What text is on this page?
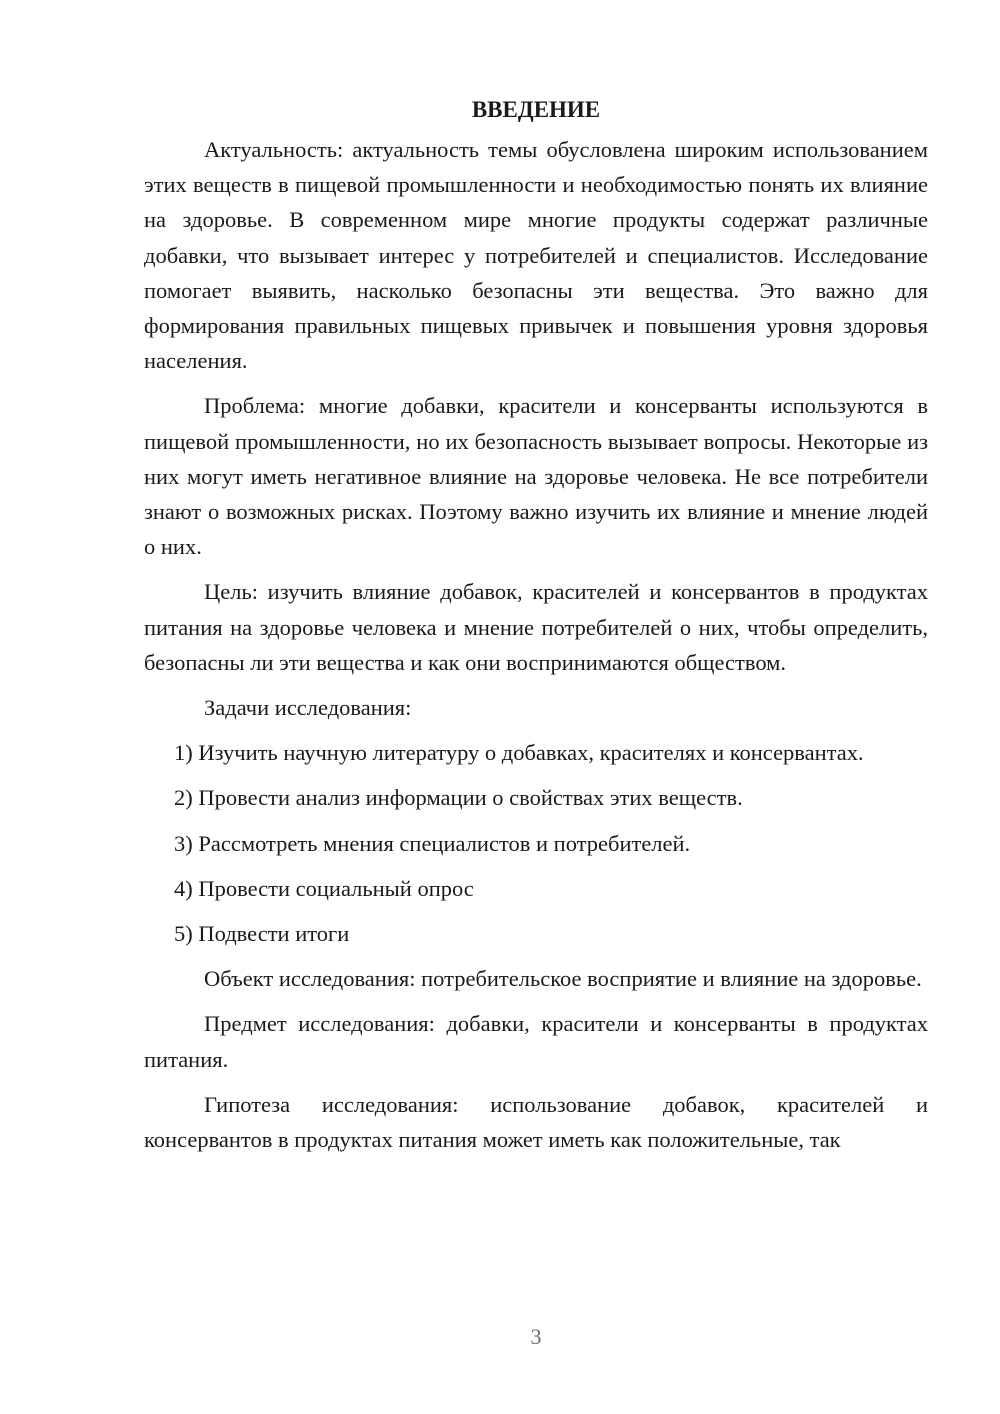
ВВЕДЕНИЕ

Актуальность: актуальность темы обусловлена широким использованием этих веществ в пищевой промышленности и необходимостью понять их влияние на здоровье. В современном мире многие продукты содержат различные добавки, что вызывает интерес у потребителей и специалистов. Исследование помогает выявить, насколько безопасны эти вещества. Это важно для формирования правильных пищевых привычек и повышения уровня здоровья населения.

Проблема: многие добавки, красители и консерванты используются в пищевой промышленности, но их безопасность вызывает вопросы. Некоторые из них могут иметь негативное влияние на здоровье человека. Не все потребители знают о возможных рисках. Поэтому важно изучить их влияние и мнение людей о них.

Цель: изучить влияние добавок, красителей и консервантов в продуктах питания на здоровье человека и мнение потребителей о них, чтобы определить, безопасны ли эти вещества и как они воспринимаются обществом.

Задачи исследования:

1) Изучить научную литературу о добавках, красителях и консервантах.

2) Провести анализ информации о свойствах этих веществ.

3) Рассмотреть мнения специалистов и потребителей.

4) Провести социальный опрос

5) Подвести итоги

Объект исследования: потребительское восприятие и влияние на здоровье.

Предмет исследования: добавки, красители и консерванты в продуктах питания.

Гипотеза исследования: использование добавок, красителей и консервантов в продуктах питания может иметь как положительные, так

3
